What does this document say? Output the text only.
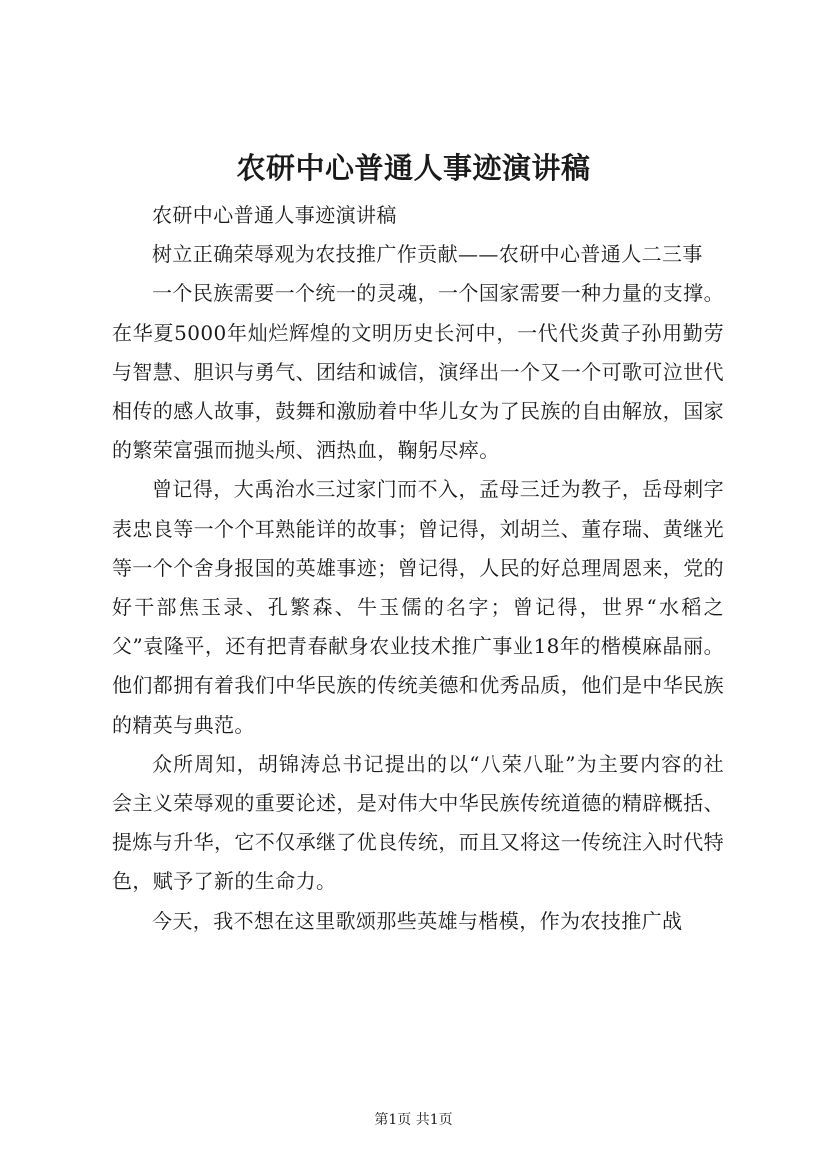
农研中心普通人事迹演讲稿

农研中心普通人事迹演讲稿

树立正确荣辱观为农技推广作贡献——农研中心普通人二三事

一个民族需要一个统一的灵魂，一个国家需要一种力量的支撑。在华夏5000年灿烂辉煌的文明历史长河中，一代代炎黄子孙用勤劳与智慧、胆识与勇气、团结和诚信，演绎出一个又一个可歌可泣世代相传的感人故事，鼓舞和激励着中华儿女为了民族的自由解放，国家的繁荣富强而抛头颅、洒热血，鞠躬尽瘁。

曾记得，大禹治水三过家门而不入，孟母三迁为教子，岳母刺字表忠良等一个个耳熟能详的故事；曾记得，刘胡兰、董存瑞、黄继光等一个个舍身报国的英雄事迹；曾记得，人民的好总理周恩来，党的好干部焦玉录、孔繁森、牛玉儒的名字；曾记得，世界“水稻之父”袁隆平，还有把青春献身农业技术推广事业18年的楷模麻晶丽。他们都拥有着我们中华民族的传统美德和优秀品质，他们是中华民族的精英与典范。

众所周知，胡锦涛总书记提出的以“八荣八耻”为主要内容的社会主义荣辱观的重要论述，是对伟大中华民族传统道德的精辟概括、提炼与升华，它不仅承继了优良传统，而且又将这一传统注入时代特色，赋予了新的生命力。

今天，我不想在这里歌颂那些英雄与楷模，作为农技推广战

第1页 共1页
